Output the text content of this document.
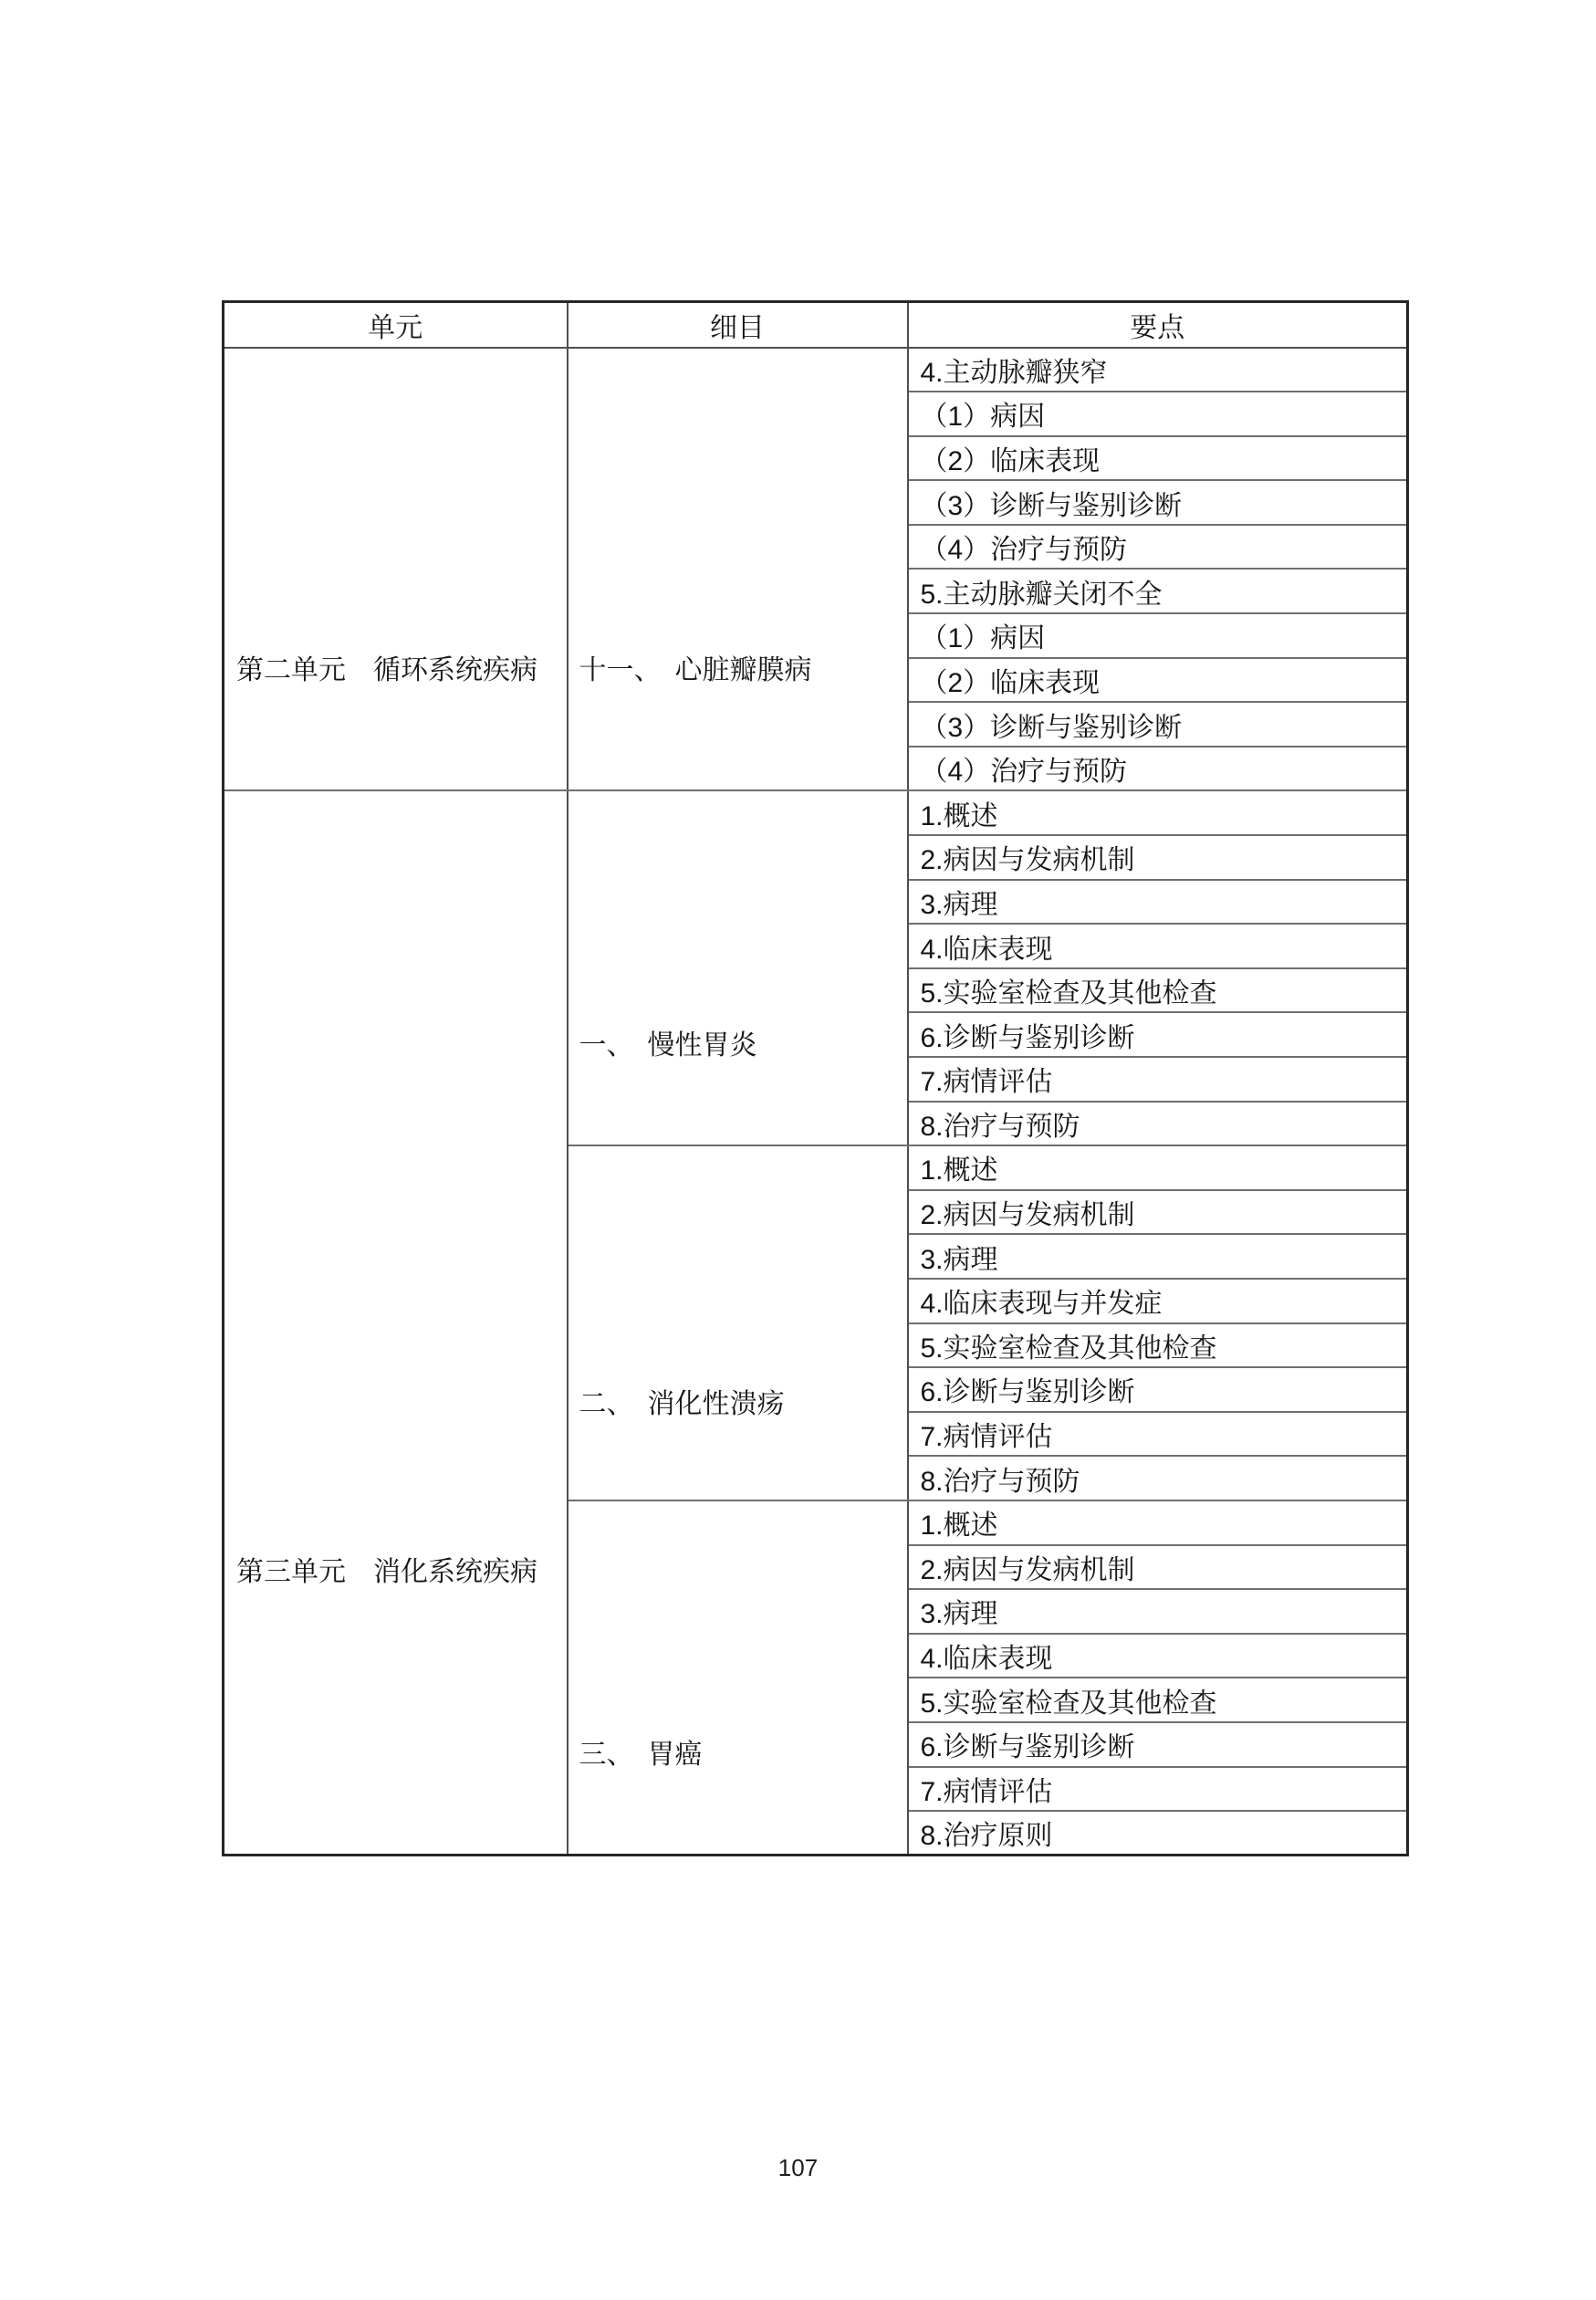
单元	细目	要点
第二单元　循环系统疾病	十一、　心脏瓣膜病	4.主动脉瓣狭窄
		（1）病因
		（2）临床表现
		（3）诊断与鉴别诊断
		（4）治疗与预防
		5.主动脉瓣关闭不全
		（1）病因
		（2）临床表现
		（3）诊断与鉴别诊断
		（4）治疗与预防
第三单元　消化系统疾病	一、　慢性胃炎	1.概述
		2.病因与发病机制
		3.病理
		4.临床表现
		5.实验室检查及其他检查
		6.诊断与鉴别诊断
		7.病情评估
		8.治疗与预防
	二、　消化性溃疡	1.概述
		2.病因与发病机制
		3.病理
		4.临床表现与并发症
		5.实验室检查及其他检查
		6.诊断与鉴别诊断
		7.病情评估
		8.治疗与预防
	三、　胃癌	1.概述
		2.病因与发病机制
		3.病理
		4.临床表现
		5.实验室检查及其他检查
		6.诊断与鉴别诊断
		7.病情评估
		8.治疗原则
107
